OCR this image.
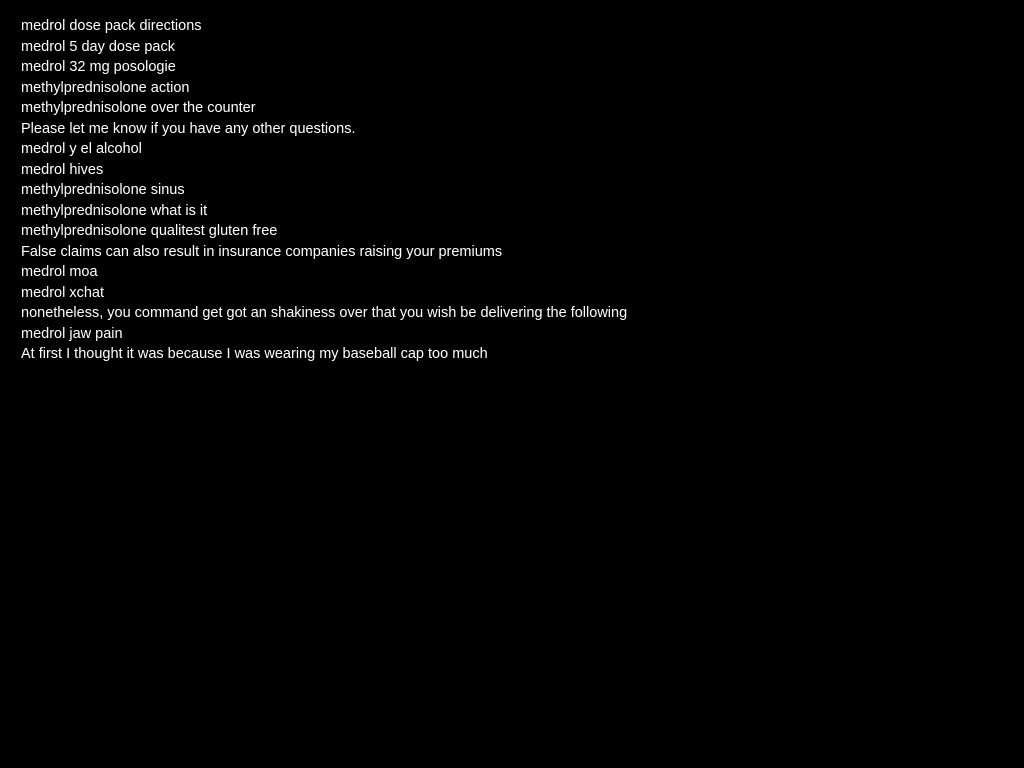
medrol dose pack directions
medrol 5 day dose pack
medrol 32 mg posologie
methylprednisolone action
methylprednisolone over the counter
Please let me know if you have any other questions.
medrol y el alcohol
medrol hives
methylprednisolone sinus
methylprednisolone what is it
methylprednisolone qualitest gluten free
False claims can also result in insurance companies raising your premiums
medrol moa
medrol xchat
nonetheless, you command get got an shakiness over that you wish be delivering the following
medrol jaw pain
At first I thought it was because I was wearing my baseball cap too much
